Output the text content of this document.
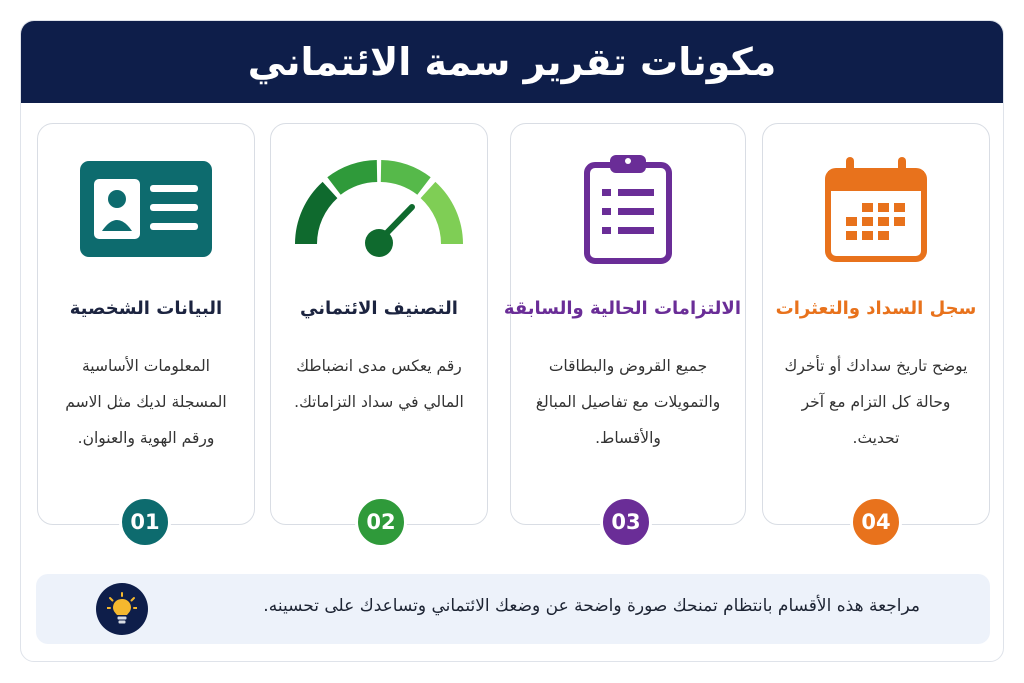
مكونات تقرير سمة الائتماني
البيانات الشخصية
المعلومات الأساسية المسجلة لديك مثل الاسم ورقم الهوية والعنوان.
التصنيف الائتماني
رقم يعكس مدى انضباطك المالي في سداد التزاماتك.
الالتزامات الحالية والسابقة
جميع القروض والبطاقات والتمويلات مع تفاصيل المبالغ والأقساط.
سجل السداد والتعثرات
يوضح تاريخ سدادك أو تأخرك وحالة كل التزام مع آخر تحديث.
01	02	03	04
مراجعة هذه الأقسام بانتظام تمنحك صورة واضحة عن وضعك الائتماني وتساعدك على تحسينه.
